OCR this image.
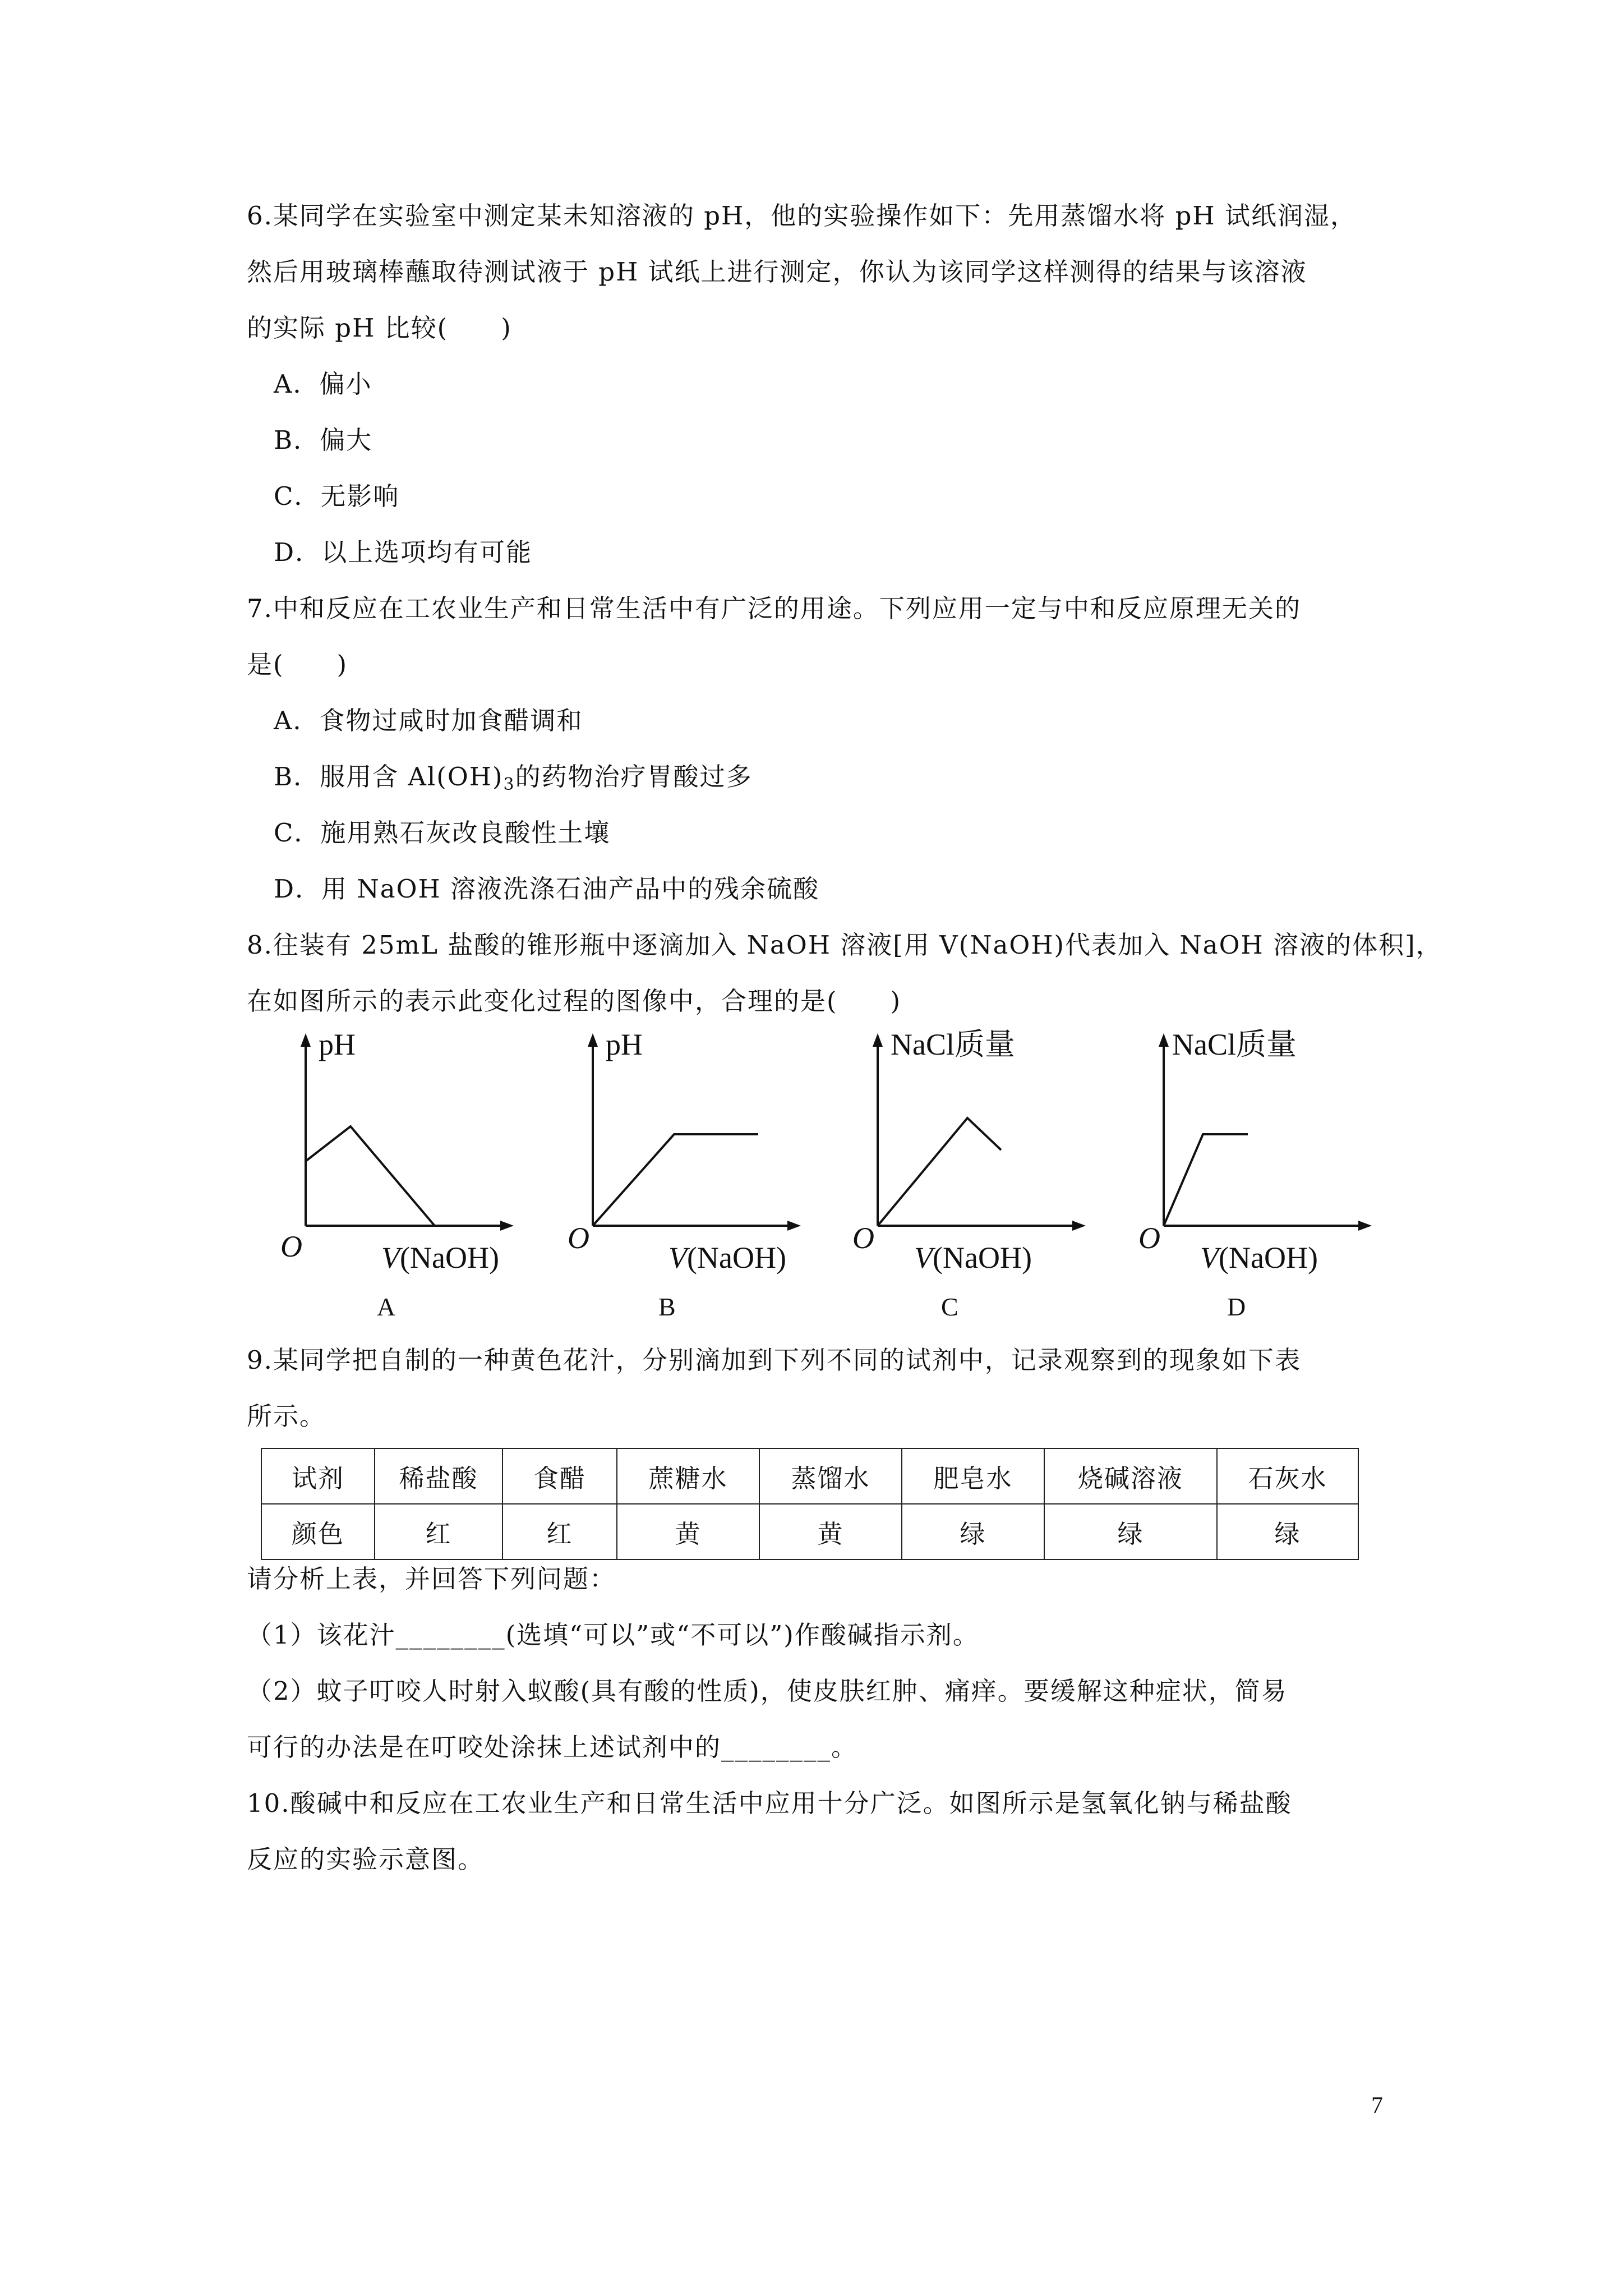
6.某同学在实验室中测定某未知溶液的 pH，他的实验操作如下：先用蒸馏水将 pH 试纸润湿，
然后用玻璃棒蘸取待测试液于 pH 试纸上进行测定，你认为该同学这样测得的结果与该溶液
的实际 pH 比较(　　)
A．偏小
B．偏大
C．无影响
D．以上选项均有可能
7.中和反应在工农业生产和日常生活中有广泛的用途。下列应用一定与中和反应原理无关的
是(　　)
A．食物过咸时加食醋调和
B．服用含 $Al(OH)_3$的药物治疗胃酸过多
C．施用熟石灰改良酸性土壤
D．用 NaOH 溶液洗涤石油产品中的残余硫酸
8.往装有 25mL 盐酸的锥形瓶中逐滴加入 NaOH 溶液[用 V(NaOH)代表加入 NaOH 溶液的体积]，
在如图所示的表示此变化过程的图像中，合理的是(　　)
pH
O	V(NaOH)
A
pH
O
V(NaOH)
B
NaCl质量
O
V(NaOH)
C
NaCl质量
O
V(NaOH)
D
9.某同学把自制的一种黄色花汁，分别滴加到下列不同的试剂中，记录观察到的现象如下表
所示。
试剂	稀盐酸	食醋	蔗糖水	蒸馏水	肥皂水	烧碱溶液	石灰水
颜色	红	红	黄	黄	绿	绿	绿
请分析上表，并回答下列问题：
（1）该花汁________(选填“可以”或“不可以”)作酸碱指示剂。
（2）蚊子叮咬人时射入蚁酸(具有酸的性质)，使皮肤红肿、痛痒。要缓解这种症状，简易
可行的办法是在叮咬处涂抹上述试剂中的________。
10.酸碱中和反应在工农业生产和日常生活中应用十分广泛。如图所示是氢氧化钠与稀盐酸
反应的实验示意图。
7
